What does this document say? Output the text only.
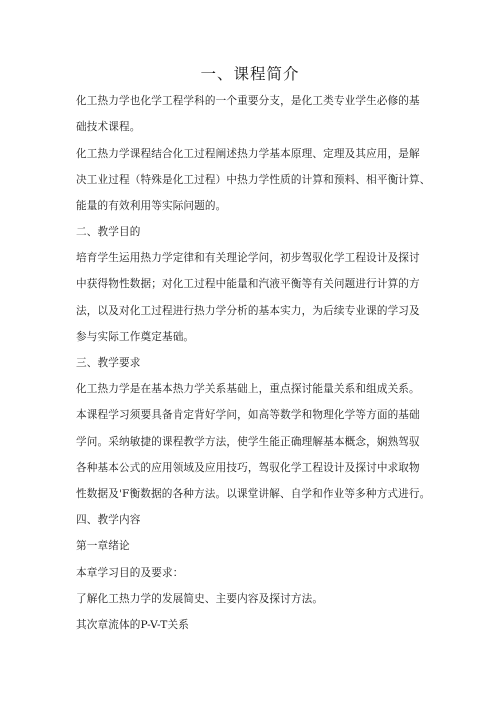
一、课程简介
化工热力学也化学工程学科的一个重要分支，是化工类专业学生必修的基
础技术课程。
化工热力学课程结合化工过程阐述热力学基本原理、定理及其应用，是解
决工业过程（特殊是化工过程）中热力学性质的计算和预料、相平衡计算、
能量的有效利用等实际问题的。
二、教学目的
培育学生运用热力学定律和有关理论学问，初步驾驭化学工程设计及探讨
中获得物性数据；对化工过程中能量和汽液平衡等有关问题进行计算的方
法，以及对化工过程进行热力学分析的基本实力，为后续专业课的学习及
参与实际工作奠定基础。
三、教学要求
化工热力学是在基本热力学关系基础上，重点探讨能量关系和组成关系。
本课程学习须要具备肯定背好学问，如高等数学和物理化学等方面的基础
学问。采纳敏捷的课程教学方法，使学生能正确理解基本概念，娴熟驾驭
各种基本公式的应用领域及应用技巧，驾驭化学工程设计及探讨中求取物
性数据及'F衡数据的各种方法。以课堂讲解、自学和作业等多种方式进行。
四、教学内容
第一章绪论
本章学习目的及要求：
了解化工热力学的发展简史、主要内容及探讨方法。
其次章流体的P-V-T关系
